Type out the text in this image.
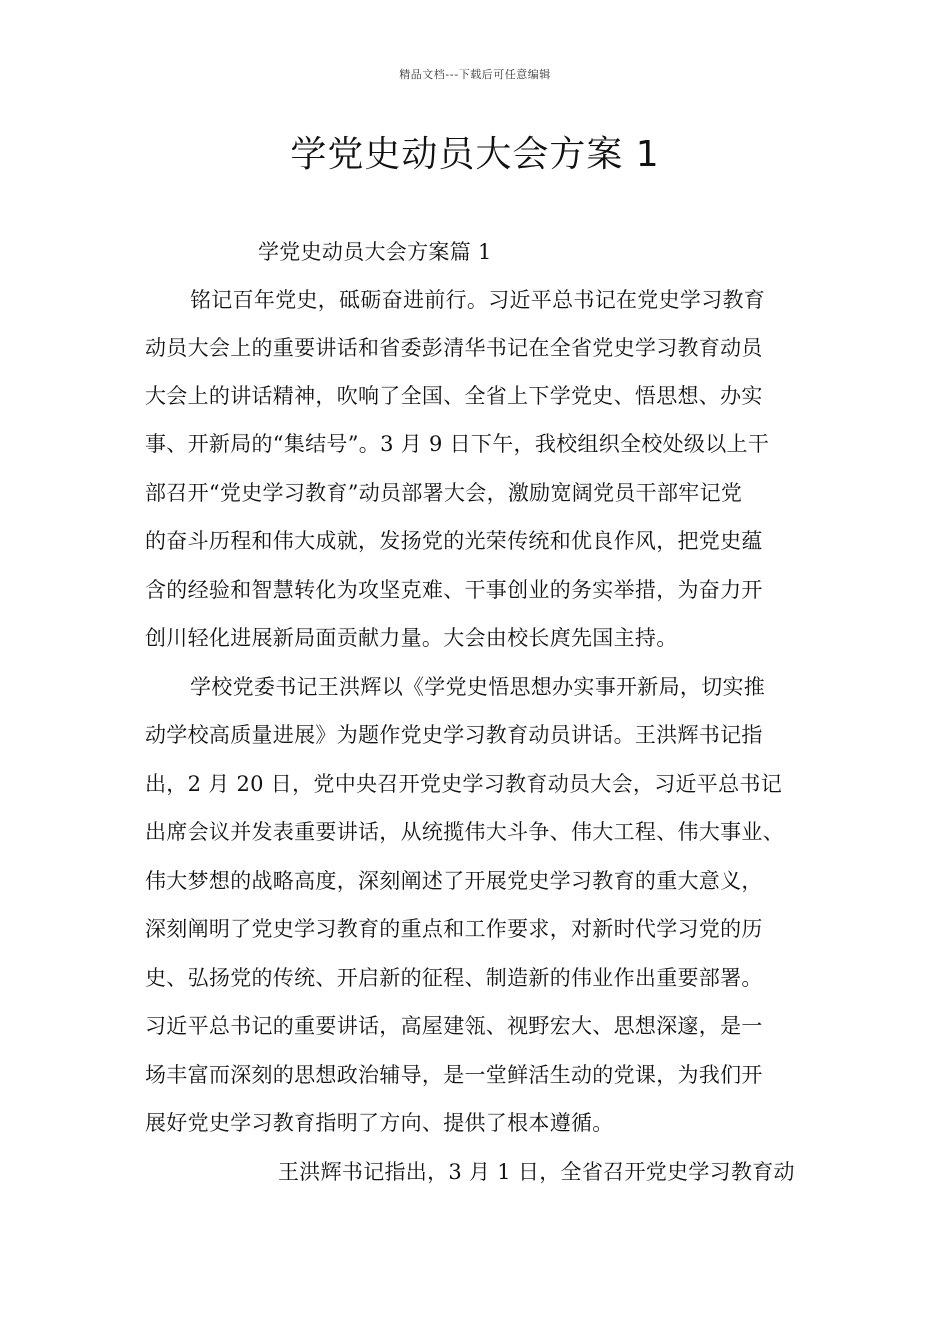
精品文档---下载后可任意编辑
学党史动员大会方案 1
学党史动员大会方案篇 1
铭记百年党史，砥砺奋进前行。习近平总书记在党史学习教育
动员大会上的重要讲话和省委彭清华书记在全省党史学习教育动员
大会上的讲话精神，吹响了全国、全省上下学党史、悟思想、办实
事、开新局的“集结号”。3 月 9 日下午，我校组织全校处级以上干
部召开“党史学习教育”动员部署大会，激励宽阔党员干部牢记党
的奋斗历程和伟大成就，发扬党的光荣传统和优良作风，把党史蕴
含的经验和智慧转化为攻坚克难、干事创业的务实举措，为奋力开
创川轻化进展新局面贡献力量。大会由校长庹先国主持。
学校党委书记王洪辉以《学党史悟思想办实事开新局，切实推
动学校高质量进展》为题作党史学习教育动员讲话。王洪辉书记指
出，2 月 20 日，党中央召开党史学习教育动员大会，习近平总书记
出席会议并发表重要讲话，从统揽伟大斗争、伟大工程、伟大事业、
伟大梦想的战略高度，深刻阐述了开展党史学习教育的重大意义，
深刻阐明了党史学习教育的重点和工作要求，对新时代学习党的历
史、弘扬党的传统、开启新的征程、制造新的伟业作出重要部署。
习近平总书记的重要讲话，高屋建瓴、视野宏大、思想深邃，是一
场丰富而深刻的思想政治辅导，是一堂鲜活生动的党课，为我们开
展好党史学习教育指明了方向、提供了根本遵循。
王洪辉书记指出，3 月 1 日，全省召开党史学习教育动
